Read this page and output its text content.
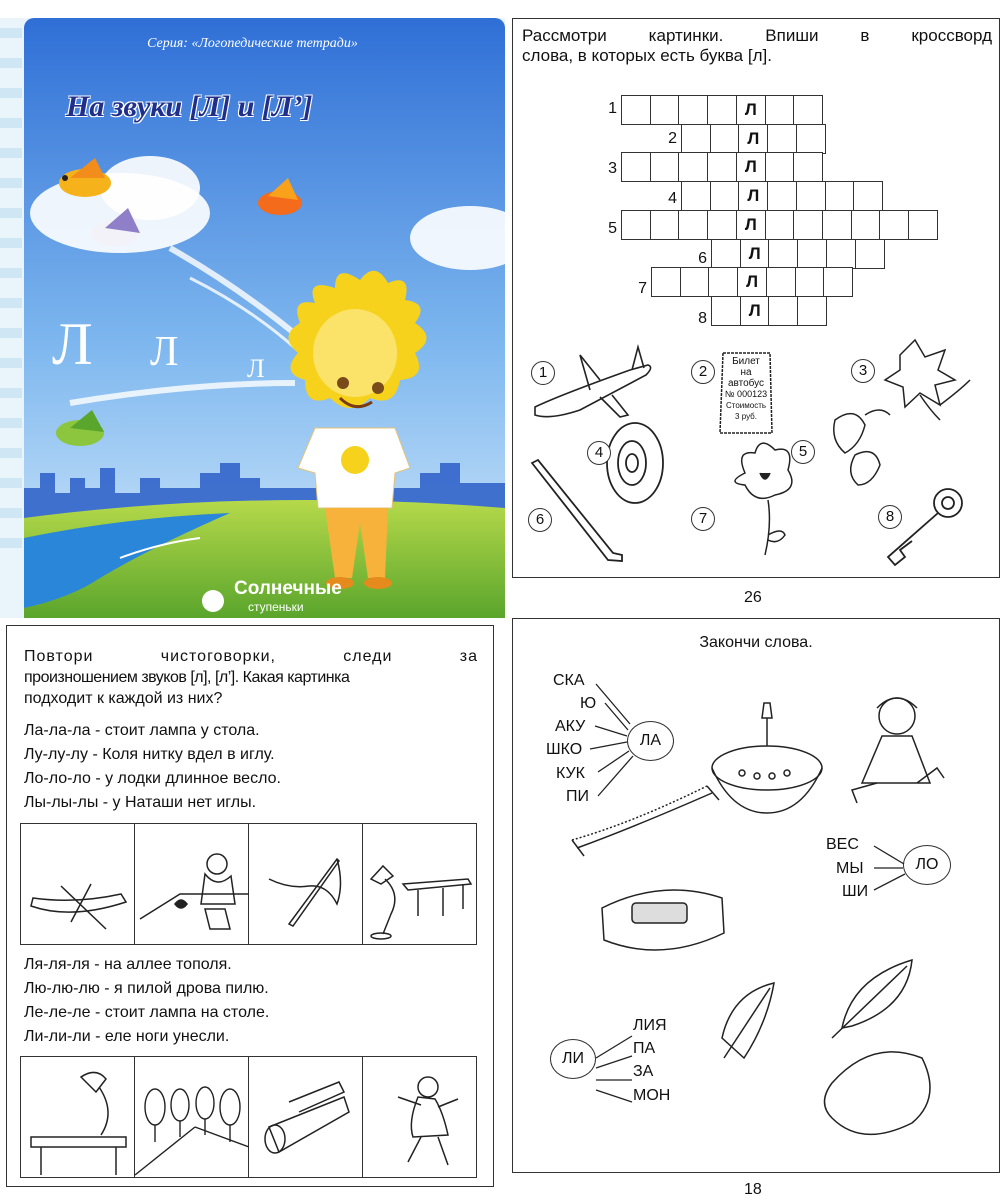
Серия: «Логопедические тетради»
На звуки [Л] и [Л’]
Л Л	Л
Солнечные
ступеньки
Рассмотри картинки. Впиши в кроссворд
слова, в которых есть буква [л].
1	Л
2	Л
3	Л
4	Л
5	Л
6	Л
7	Л
8	Л
Билет
на
автобус
№ 000123
Стоимость
3 руб.
1	2	3
4	5
6	7	8
26
Повтори чистоговорки, следи за
произношением звуков [л], [л’]. Какая картинка
подходит к каждой из них?
Ла-ла-ла - стоит лампа у стола.
Лу-лу-лу - Коля нитку вдел в иглу.
Ло-ло-ло - у лодки длинное весло.
Лы-лы-лы - у Наташи нет иглы.
Ля-ля-ля - на аллее тополя.
Лю-лю-лю - я пилой дрова пилю.
Ле-ле-ле - стоит лампа на столе.
Ли-ли-ли - еле ноги унесли.
Закончи слова.
СКА
Ю
АКУ
ШКО
КУК
ПИ
ЛА
ВЕС
МЫ
ШИ
ЛО
ЛИЯ
ПА
ЗА
МОН
ЛИ
18
